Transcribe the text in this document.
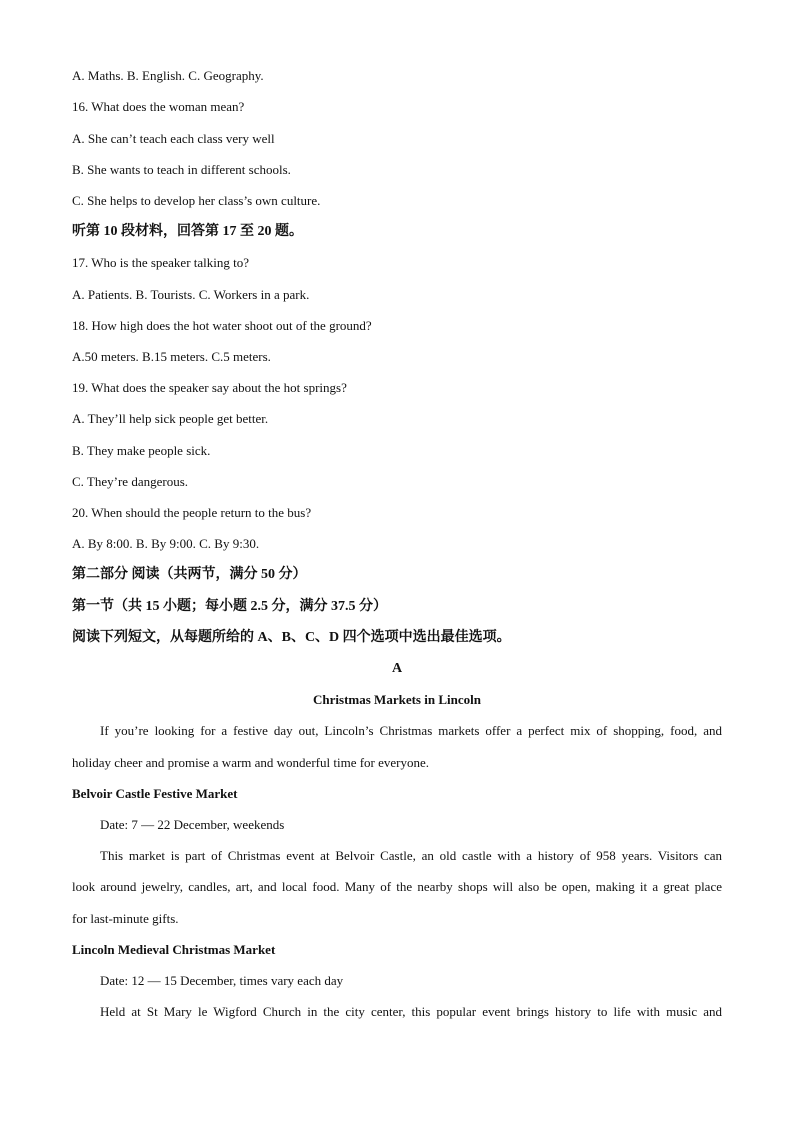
A. Maths. B. English. C. Geography.
16. What does the woman mean?
A. She can’t teach each class very well
B. She wants to teach in different schools.
C. She helps to develop her class’s own culture.
听第 10 段材料，回答第 17 至 20 题。
17. Who is the speaker talking to?
A. Patients. B. Tourists. C. Workers in a park.
18. How high does the hot water shoot out of the ground?
A.50 meters. B.15 meters. C.5 meters.
19. What does the speaker say about the hot springs?
A. They’ll help sick people get better.
B. They make people sick.
C. They’re dangerous.
20. When should the people return to the bus?
A. By 8:00. B. By 9:00. C. By 9:30.
第二部分 阅读（共两节，满分 50 分）
第一节（共 15 小题；每小题 2.5 分，满分 37.5 分）
阅读下列短文，从每题所给的 A、B、C、D 四个选项中选出最佳选项。
A
Christmas Markets in Lincoln
If you’re looking for a festive day out, Lincoln’s Christmas markets offer a perfect mix of shopping, food, and
holiday cheer and promise a warm and wonderful time for everyone.
Belvoir Castle Festive Market
Date: 7 — 22 December, weekends
This market is part of Christmas event at Belvoir Castle, an old castle with a history of 958 years. Visitors can
look around jewelry, candles, art, and local food. Many of the nearby shops will also be open, making it a great place
for last-minute gifts.
Lincoln Medieval Christmas Market
Date: 12 — 15 December, times vary each day
Held at St Mary le Wigford Church in the city center, this popular event brings history to life with music and
